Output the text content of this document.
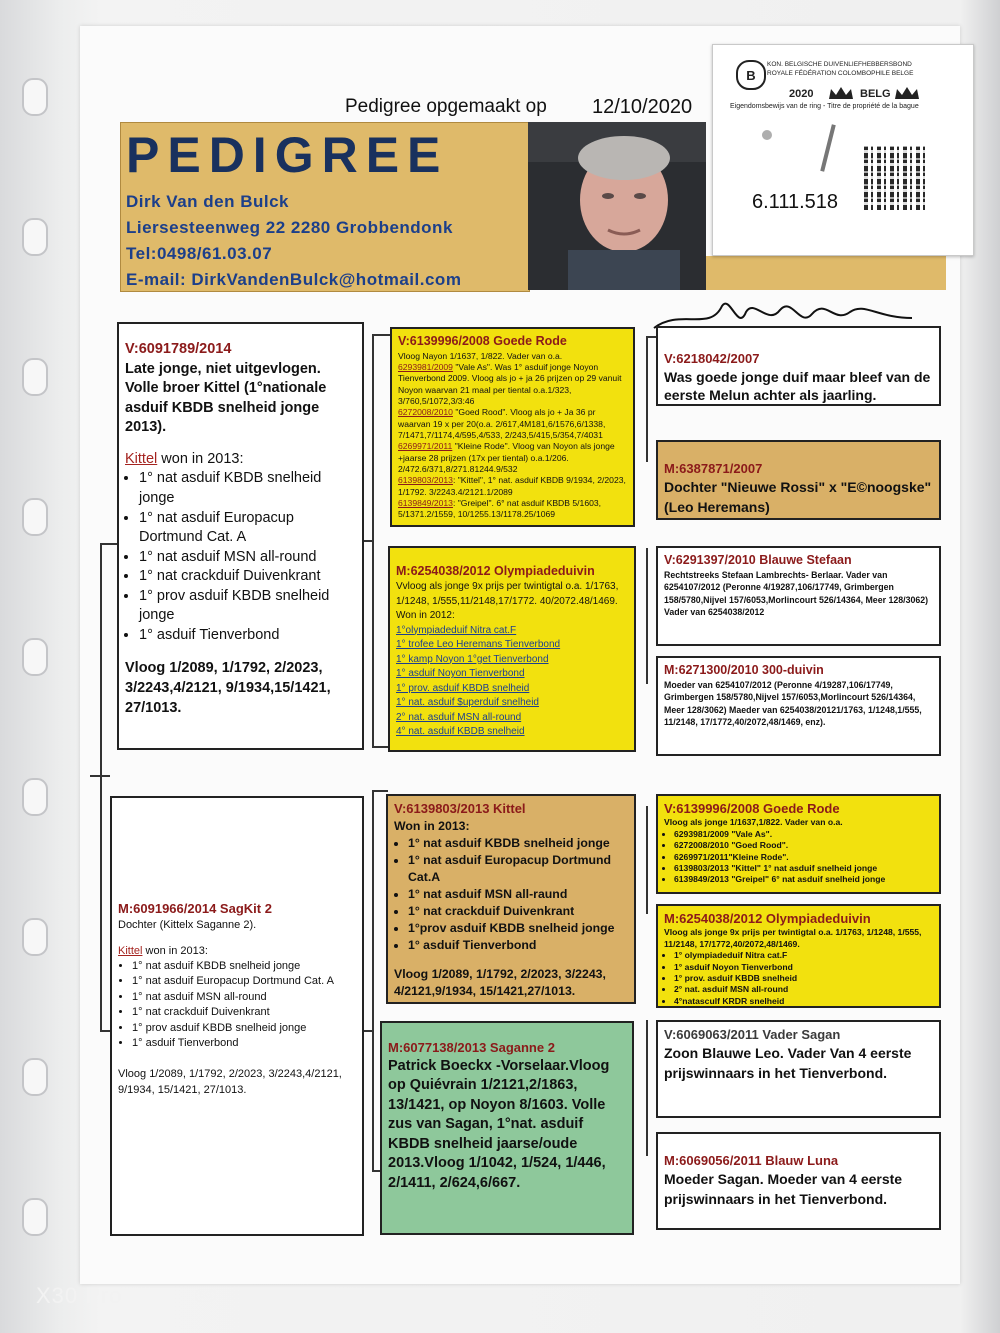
Pedigree opgemaakt op 12/10/2020
PEDIGREE
Dirk Van den Bulck
Liersesteenweg 22 2280 Grobbendonk
Tel:0498/61.03.07
E-mail: DirkVandenBulck@hotmail.com
B
KON. BELGISCHE DUIVENLIEFHEBBERSBOND
ROYALE FÉDÉRATION COLOMBOPHILE BELGE
2020	BELG
Eigendomsbewijs van de ring - Titre de propriété de la bague
6.111.518

V:6091789/2014

Late jonge, niet uitgevlogen. Volle broer Kittel (1°nationale asduif KBDB snelheid jonge 2013).

Kittel won in 2013:

• 1° nat asduif KBDB snelheid jonge
• 1° nat asduif Europacup Dortmund Cat. A
• 1° nat asduif MSN all-round
• 1° nat crackduif Duivenkrant
• 1° prov asduif KBDB snelheid jonge
• 1° asduif Tienverbond

Vloog 1/2089, 1/1792, 2/2023, 3/2243,4/2121, 9/1934,15/1421, 27/1013.

M:6091966/2014 SagKit 2

Dochter (Kittelx Saganne 2).

Kittel won in 2013:

• 1° nat asduif KBDB snelheid jonge
• 1° nat asduif Europacup Dortmund Cat. A
• 1° nat asduif MSN all-round
• 1° nat crackduif Duivenkrant
• 1° prov asduif KBDB snelheid jonge
• 1° asduif Tienverbond

Vloog 1/2089, 1/1792, 2/2023, 3/2243,4/2121, 9/1934, 15/1421, 27/1013.

V:6139996/2008 Goede Rode

Vloog Nayon 1/1637, 1/822. Vader van o.a.

6293981/2009 "Vale As". Was 1° asduif jonge Noyon Tienverbond 2009. Vloog als jo + ja 26 prijzen op 29 vanuit Noyon waarvan 21 maal per tiental o.a.1/323, 3/760,5/1072,3/3:46

6272008/2010 "Goed Rood". Vloog als jo + Ja 36 pr waarvan 19 x per 20(o.a. 2/617,4M181,6/1576,6/1338, 7/1471,7/1174,4/595,4/533, 2/243,5/415,5/354,7/4031

6269971/2011 "Kleine Rode". Vloog van Noyon als jonge +jaarse 28 prijzen (17x per tiental) o.a.1/206. 2/472.6/371,8/271.81244.9/532

6139803/2013: "Kittel", 1° nat. asduif KBDB 9/1934, 2/2023, 1/1792. 3/2243.4/2121.1/2089

6139849/2013: "Greipel". 6° nat asduif KBDB 5/1603, 5/1371.2/1559, 10/1255.13/1178.25/1069

M:6254038/2012 Olympiadeduivin

Vvloog als jonge 9x prijs per twintigtal o.a. 1/1763, 1/1248, 1/555,11/2148,17/1772. 40/2072.48/1469. Won in 2012:

1°olympiadeduif Nitra cat.F
1° trofee Leo Heremans Tienverbond
1° kamp Noyon 1°get Tienverbond
1° asduif Noyon Tienverbond
1° prov. asduif KBDB snelheid
1° nat. asduif $uperduif snelheid
2° nat. asduif MSN all-round
4° nat. asduif KBDB snelheid

V:6139803/2013 Kittel

Won in 2013:

• 1° nat asduif KBDB snelheid jonge
• 1° nat asduif Europacup Dortmund Cat.A
• 1° nat asduif MSN all-raund
• 1° nat crackduif Duivenkrant
• 1°prov asduif KBDB snelheid jonge
• 1° asduif Tienverbond

Vloog 1/2089, 1/1792, 2/2023, 3/2243, 4/2121,9/1934, 15/1421,27/1013.

M:6077138/2013 Saganne 2

Patrick Boeckx -Vorselaar.Vloog op Quiévrain 1/2121,2/1863, 13/1421, op Noyon 8/1603. Volle zus van Sagan, 1°nat. asduif KBDB snelheid jaarse/oude 2013.Vloog 1/1042, 1/524, 1/446, 2/1411, 2/624,6/667.

V:6218042/2007

Was goede jonge duif maar bleef van de eerste Melun achter als jaarling.

M:6387871/2007

Dochter "Nieuwe Rossi" x "E©noogske" (Leo Heremans)

V:6291397/2010 Blauwe Stefaan

Rechtstreeks Stefaan Lambrechts- Berlaar. Vader van 6254107/2012 (Peronne 4/19287,106/17749, Grimbergen 158/5780,Nijvel 157/6053,Morlincourt 526/14364, Meer 128/3062) Vader van 6254038/2012

M:6271300/2010 300-duivin

Moeder van 6254107/2012 (Peronne 4/19287,106/17749, Grimbergen 158/5780,Nijvel 157/6053,Morlincourt 526/14364, Meer 128/3062) Maeder van 6254038/20121/1763, 1/1248,1/555, 11/2148, 17/1772,40/2072,48/1469, enz).

V:6139996/2008 Goede Rode

Vloog als jonge 1/1637,1/822. Vader van o.a.

• 6293981/2009 "Vale As".
• 6272008/2010 "Goed Rood".
• 6269971/2011"Kleine Rode".
• 6139803/2013 "Kittel" 1° nat asduif snelheid jonge
• 6139849/2013 "Greipel" 6° nat asduif snelheid jonge

M:6254038/2012 Olympiadeduivin

Vloog als jonge 9x prijs per twintigtal o.a. 1/1763, 1/1248, 1/555, 11/2148, 17/1772,40/2072,48/1469.

• 1° olympiadeduif Nitra cat.F
• 1° asduif Noyon Tienverbond
• 1° prov. asduif KBDB snelheid
• 2° nat. asduif MSN all-round
• 4°natasculf KRDR snelheid

V:6069063/2011 Vader Sagan

Zoon Blauwe Leo. Vader Van 4 eerste prijswinnaars in het Tienverbond.

M:6069056/2011 Blauw Luna

Moeder Sagan. Moeder van 4 eerste prijswinnaars in het Tienverbond.

X30 Pro	5G
